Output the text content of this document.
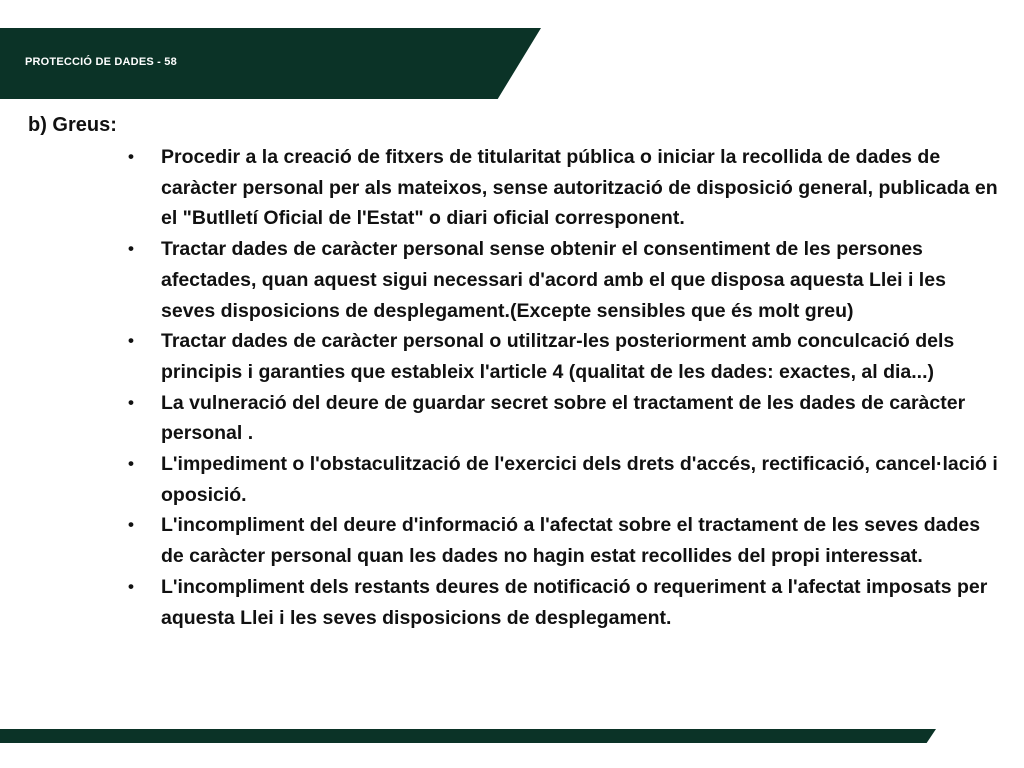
PROTECCIÓ DE DADES - 58
b) Greus:
• Procedir a la creació de fitxers de titularitat pública o iniciar la recollida de dades de caràcter personal per als mateixos, sense autorització de disposició general, publicada en el "Butlletí Oficial de l'Estat" o diari oficial corresponent.
• Tractar dades de caràcter personal sense obtenir el consentiment de les persones afectades, quan aquest sigui necessari d'acord amb el que disposa aquesta Llei i les seves disposicions de desplegament.(Excepte sensibles que és molt greu)
• Tractar dades de caràcter personal o utilitzar-les posteriorment amb conculcació dels principis i garanties que estableix l'article 4 (qualitat de les dades: exactes, al dia...)
• La vulneració del deure de guardar secret sobre el tractament de les dades de caràcter personal .
• L'impediment o l'obstaculització de l'exercici dels drets d'accés, rectificació, cancel·lació i oposició.
• L'incompliment del deure d'informació a l'afectat sobre el tractament de les seves dades de caràcter personal quan les dades no hagin estat recollides del propi interessat.
• L'incompliment dels restants deures de notificació o requeriment a l'afectat imposats per aquesta Llei i les seves disposicions de desplegament.
